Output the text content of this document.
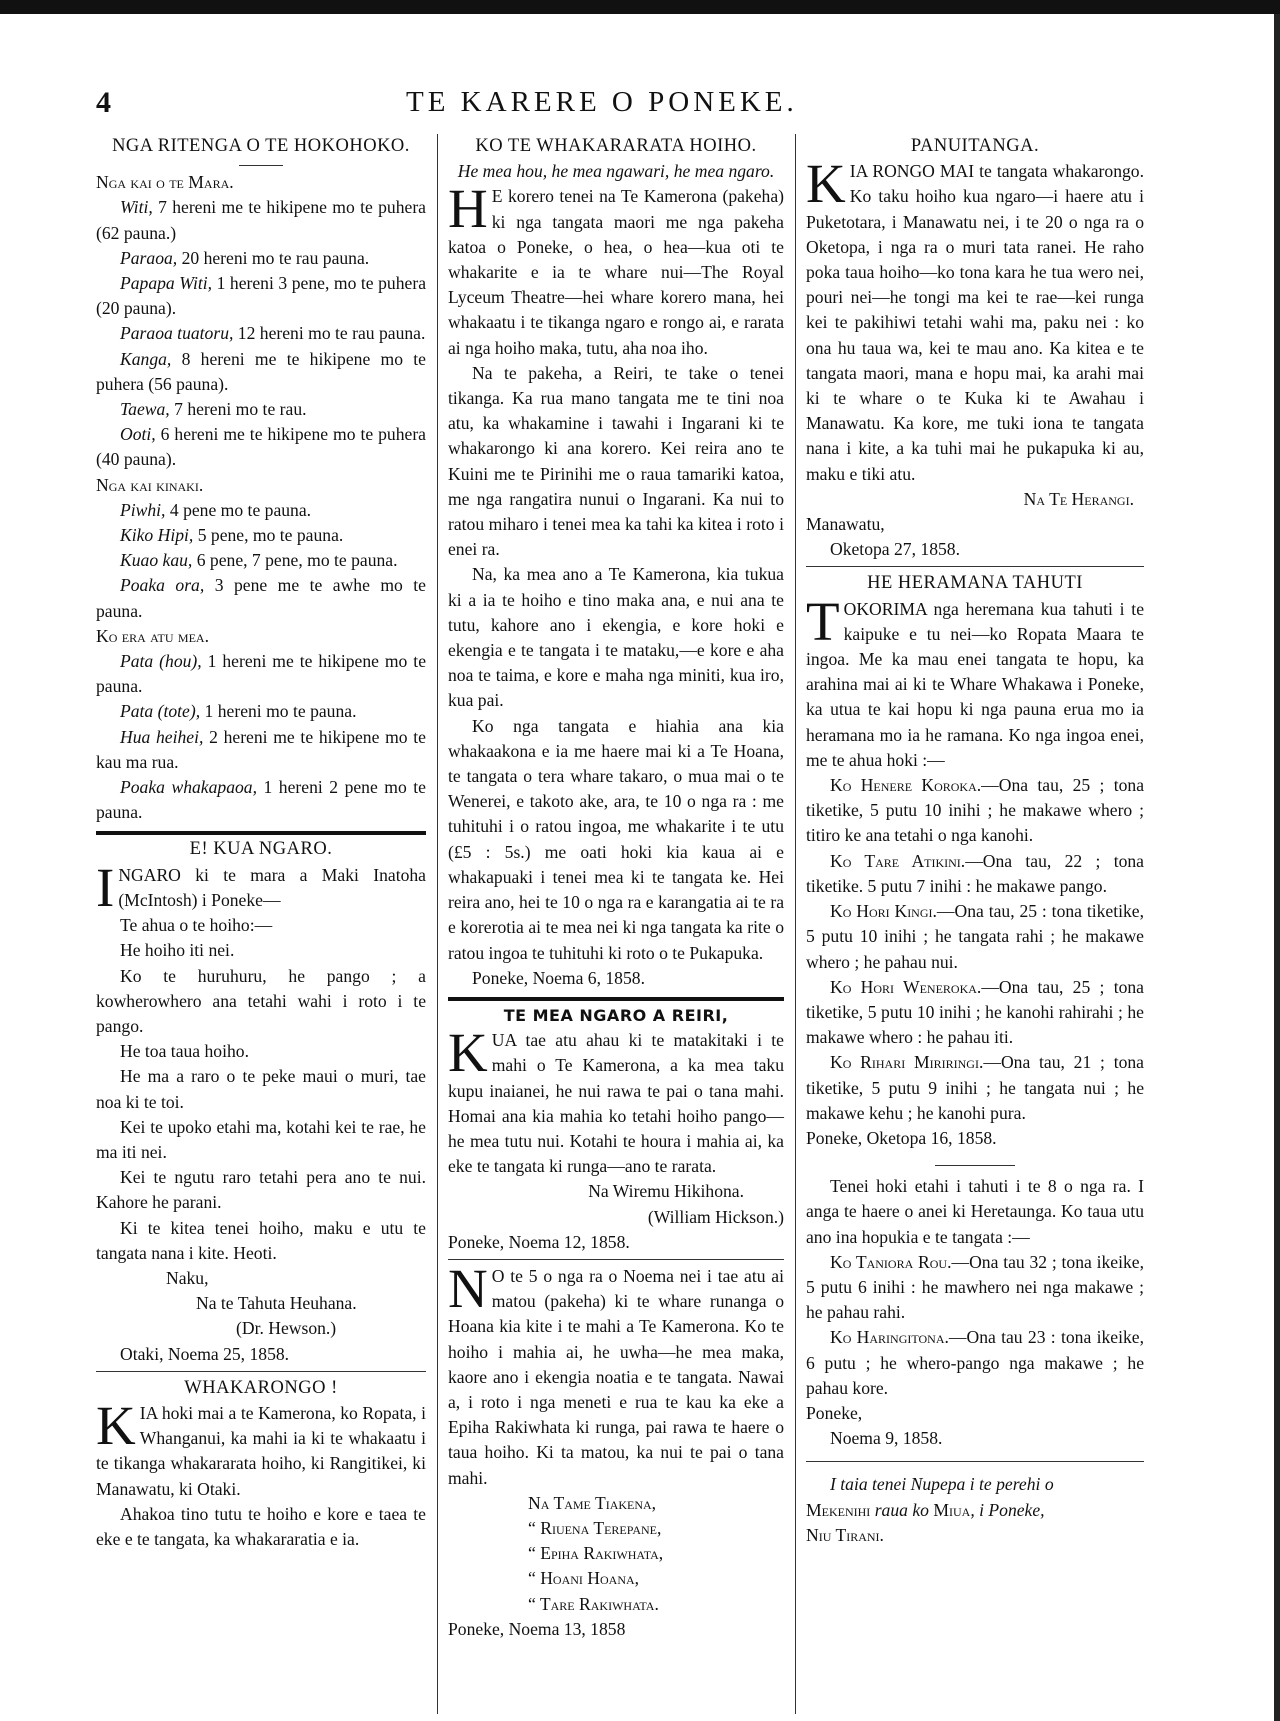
4	TE KARERE O PONEKE.
NGA RITENGA O TE HOKOHOKO.

Nga kai o te Mara.

Witi, 7 hereni me te hikipene mo te puhera (62 pauna.)

Paraoa, 20 hereni mo te rau pauna.

Papapa Witi, 1 hereni 3 pene, mo te puhera (20 pauna).

Paraoa tuatoru, 12 hereni mo te rau pauna.

Kanga, 8 hereni me te hikipene mo te puhera (56 pauna).

Taewa, 7 hereni mo te rau.

Ooti, 6 hereni me te hikipene mo te puhera (40 pauna).

Nga kai kinaki.

Piwhi, 4 pene mo te pauna.

Kiko Hipi, 5 pene, mo te pauna.

Kuao kau, 6 pene, 7 pene, mo te pauna.

Poaka ora, 3 pene me te awhe mo te pauna.

Ko era atu mea.

Pata (hou), 1 hereni me te hikipene mo te pauna.

Pata (tote), 1 hereni mo te pauna.

Hua heihei, 2 hereni me te hikipene mo te kau ma rua.

Poaka whakapaoa, 1 hereni 2 pene mo te pauna.

E! KUA NGARO.

INGARO ki te mara a Maki Inatoha (McIntosh) i Poneke—

Te ahua o te hoiho:—

He hoiho iti nei.

Ko te huruhuru, he pango ; a kowherowhero ana tetahi wahi i roto i te pango.

He toa taua hoiho.

He ma a raro o te peke maui o muri, tae noa ki te toi.

Kei te upoko etahi ma, kotahi kei te rae, he ma iti nei.

Kei te ngutu raro tetahi pera ano te nui. Kahore he parani.

Ki te kitea tenei hoiho, maku e utu te tangata nana i kite. Heoti.

Naku,

Na te Tahuta Heuhana.

(Dr. Hewson.)

Otaki, Noema 25, 1858.

WHAKARONGO !

KIA hoki mai a te Kamerona, ko Ropata, i Whanganui, ka mahi ia ki te whakaatu i te tikanga whakararata hoiho, ki Rangitikei, ki Manawatu, ki Otaki.

Ahakoa tino tutu te hoiho e kore e taea te eke e te tangata, ka whakararatia e ia.

KO TE WHAKARARATA HOIHO.

He mea hou, he mea ngawari, he mea ngaro.

H E korero tenei na Te Kamerona (pakeha) ki nga tangata maori me nga pakeha katoa o Poneke, o hea, o hea—kua oti te whakarite e ia te whare nui—The Royal Lyceum Theatre—hei whare korero mana, hei whakaatu i te tikanga ngaro e rongo ai, e rarata ai nga hoiho maka, tutu, aha noa iho.

Na te pakeha, a Reiri, te take o tenei tikanga. Ka rua mano tangata me te tini noa atu, ka whakamine i tawahi i Ingarani ki te whakarongo ki ana korero. Kei reira ano te Kuini me te Pirinihi me o raua tamariki katoa, me nga rangatira nunui o Ingarani. Ka nui to ratou miharo i tenei mea ka tahi ka kitea i roto i enei ra.

Na, ka mea ano a Te Kamerona, kia tukua ki a ia te hoiho e tino maka ana, e nui ana te tutu, kahore ano i ekengia, e kore hoki e ekengia e te tangata i te mataku,—e kore e aha noa te taima, e kore e maha nga miniti, kua iro, kua pai.

Ko nga tangata e hiahia ana kia whakaakona e ia me haere mai ki a Te Hoana, te tangata o tera whare takaro, o mua mai o te Wenerei, e takoto ake, ara, te 10 o nga ra : me tuhituhi i o ratou ingoa, me whakarite i te utu (£5 : 5s.) me oati hoki kia kaua ai e whakapuaki i tenei mea ki te tangata ke. Hei reira ano, hei te 10 o nga ra e karangatia ai te ra e korerotia ai te mea nei ki nga tangata ka rite o ratou ingoa te tuhituhi ki roto o te Pukapuka.

Poneke, Noema 6, 1858.

TE MEA NGARO A REIRI,

KUA tae atu ahau ki te matakitaki i te mahi o Te Kamerona, a ka mea taku kupu inaianei, he nui rawa te pai o tana mahi. Homai ana kia mahia ko tetahi hoiho pango—he mea tutu nui. Kotahi te houra i mahia ai, ka eke te tangata ki runga—ano te rarata.

Na Wiremu Hikihona.

(William Hickson.)

Poneke, Noema 12, 1858.

N O te 5 o nga ra o Noema nei i tae atu ai matou (pakeha) ki te whare runanga o Hoana kia kite i te mahi a Te Kamerona. Ko te hoiho i mahia ai, he uwha—he mea maka, kaore ano i ekengia noatia e te tangata. Nawai a, i roto i nga meneti e rua te kau ka eke a Epiha Rakiwhata ki runga, pai rawa te haere o taua hoiho. Ki ta matou, ka nui te pai o tana mahi.

Na Tame Tiakena,

“ Riuena Terepane,

“ Epiha Rakiwhata,

“ Hoani Hoana,

“ Tare Rakiwhata.

Poneke, Noema 13, 1858

PANUITANGA.

KIA RONGO MAI te tangata whakarongo. Ko taku hoiho kua ngaro—i haere atu i Puketotara, i Manawatu nei, i te 20 o nga ra o Oketopa, i nga ra o muri tata ranei. He raho poka taua hoiho—ko tona kara he tua wero nei, pouri nei—he tongi ma kei te rae—kei runga kei te pakihiwi tetahi wahi ma, paku nei : ko ona hu taua wa, kei te mau ano. Ka kitea e te tangata maori, mana e hopu mai, ka arahi mai ki te whare o te Kuka ki te Awahau i Manawatu. Ka kore, me tuki iona te tangata nana i kite, a ka tuhi mai he pukapuka ki au, maku e tiki atu.

Na Te Herangi.

Manawatu,

Oketopa 27, 1858.

HE HERAMANA TAHUTI

TOKORIMA nga heremana kua tahuti i te kaipuke e tu nei—ko Ropata Maara te ingoa. Me ka mau enei tangata te hopu, ka arahina mai ai ki te Whare Whakawa i Poneke, ka utua te kai hopu ki nga pauna erua mo ia heramana mo ia he ramana. Ko nga ingoa enei, me te ahua hoki :—

Ko Henere Koroka.—Ona tau, 25 ; tona tiketike, 5 putu 10 inihi ; he makawe whero ; titiro ke ana tetahi o nga kanohi.

Ko Tare Atikini.—Ona tau, 22 ; tona tiketike. 5 putu 7 inihi : he makawe pango.

Ko Hori Kingi.—Ona tau, 25 : tona tiketike, 5 putu 10 inihi ; he tangata rahi ; he makawe whero ; he pahau nui.

Ko Hori Weneroka.—Ona tau, 25 ; tona tiketike, 5 putu 10 inihi ; he kanohi rahirahi ; he makawe whero : he pahau iti.

Ko Rihari Miriringi.—Ona tau, 21 ; tona tiketike, 5 putu 9 inihi ; he tangata nui ; he makawe kehu ; he kanohi pura.

Poneke, Oketopa 16, 1858.

Tenei hoki etahi i tahuti i te 8 o nga ra. I anga te haere o anei ki Heretaunga. Ko taua utu ano ina hopukia e te tangata :—

Ko Taniora Rou.—Ona tau 32 ; tona ikeike, 5 putu 6 inihi : he mawhero nei nga makawe ; he pahau rahi.

Ko Haringitona.—Ona tau 23 : tona ikeike, 6 putu ; he whero-pango nga makawe ; he pahau kore.

Poneke,

Noema 9, 1858.

I taia tenei Nupepa i te perehi o

Mekenihi raua ko Miua, i Poneke,

Niu Tirani.
